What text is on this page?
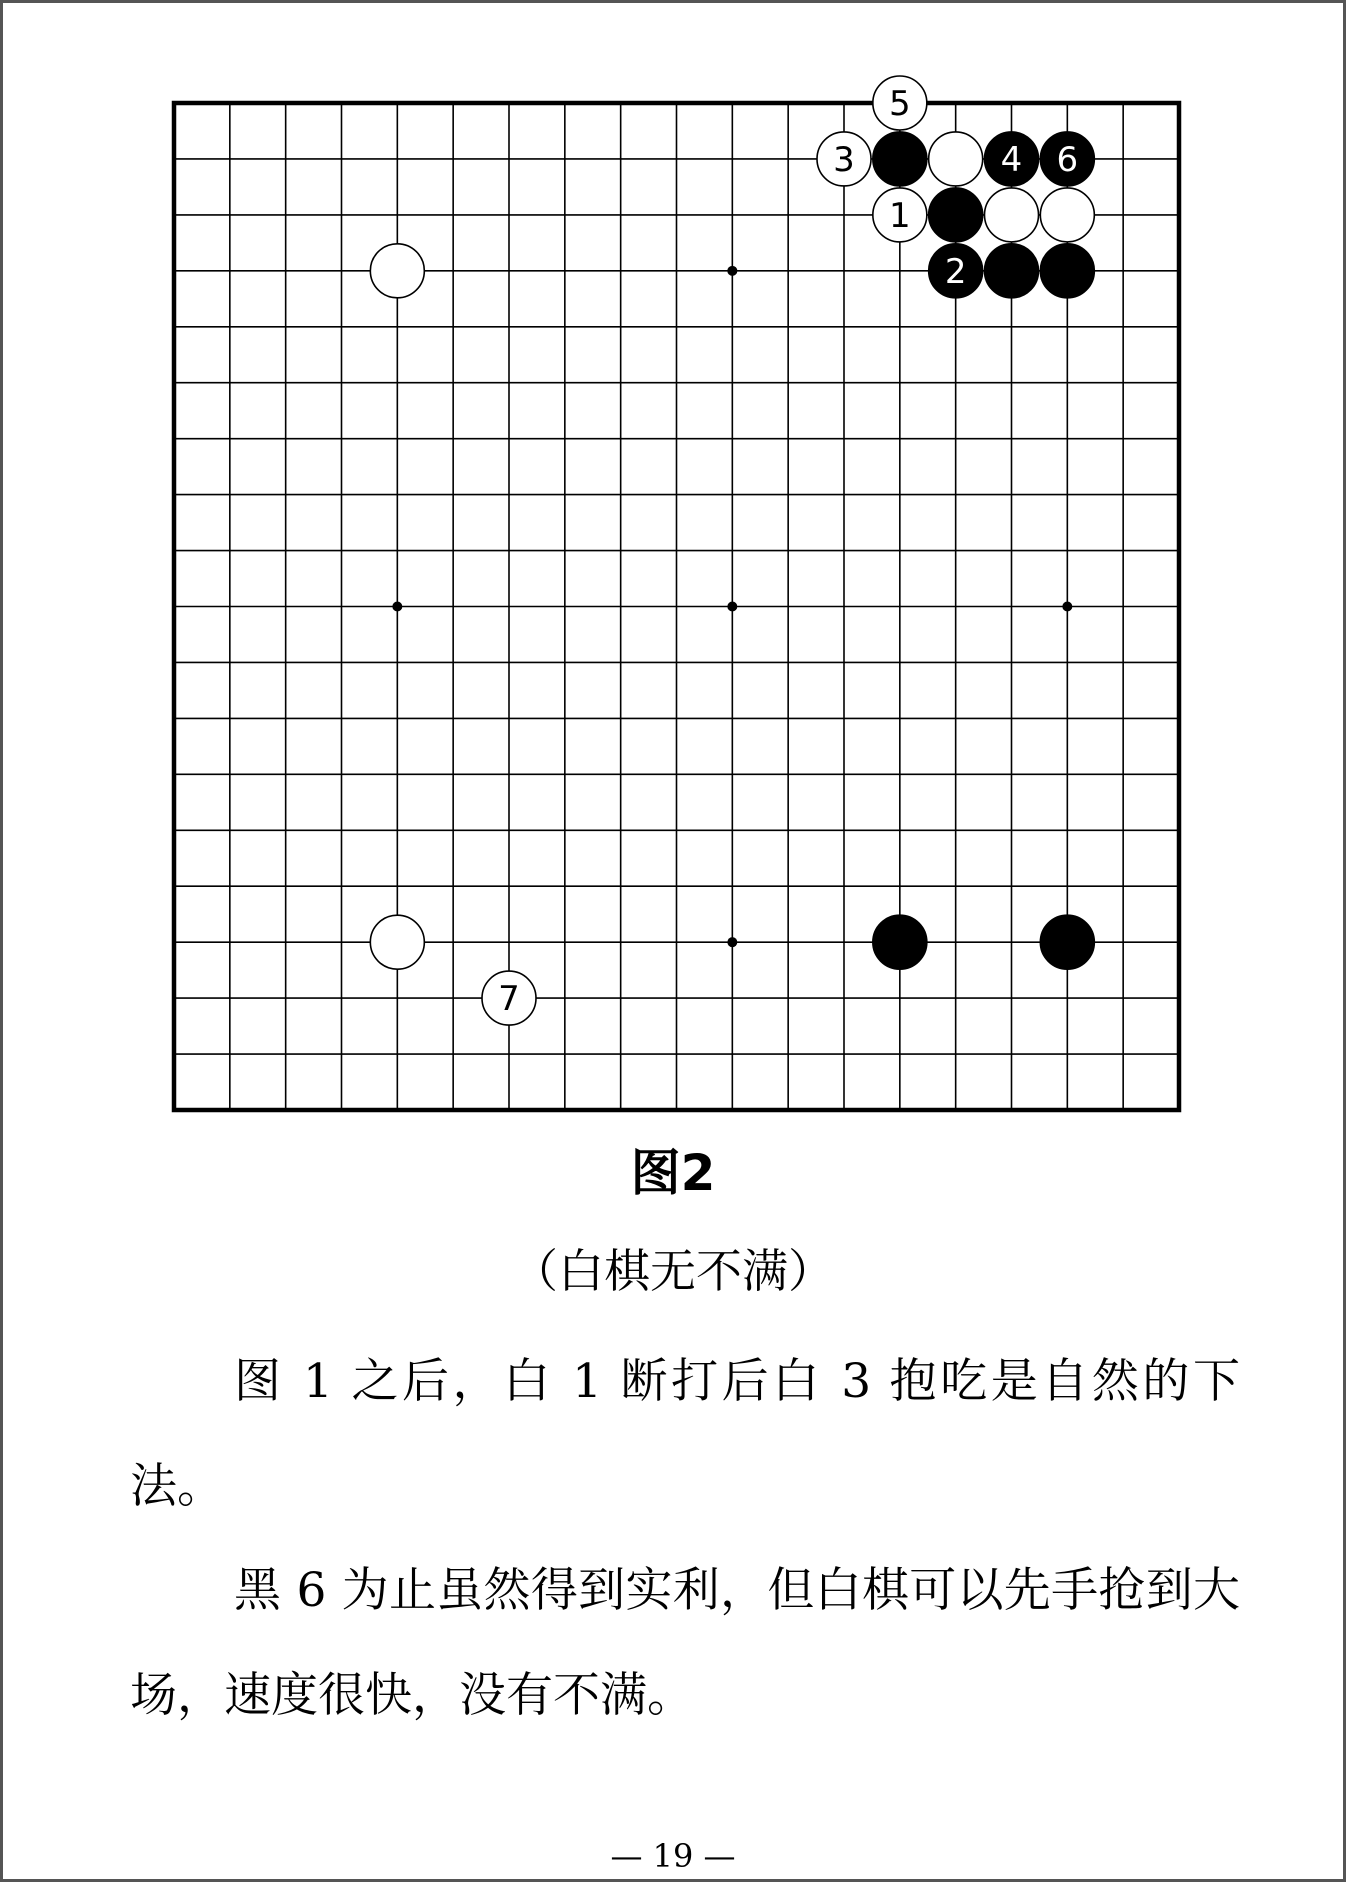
5
3	4 6
1
2
7
图2
（白棋无不满）

图 1 之后，白 1 断打后白 3 抱吃是自然的下法。

黑 6 为止虽然得到实利，但白棋可以先手抢到大场，速度很快，没有不满。

— 19 —
